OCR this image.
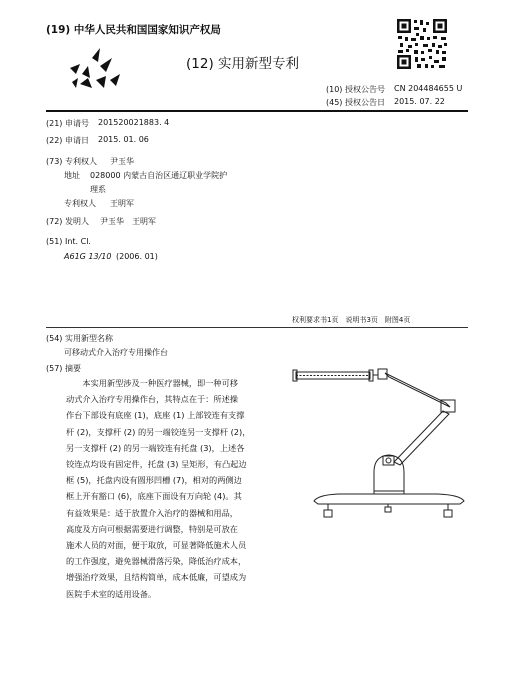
(19) 中华人民共和国国家知识产权局
(12) 实用新型专利
(10) 授权公告号 CN 204484655 U
(45) 授权公告日 2015. 07. 22
(21) 申请号 201520021883. 4
(22) 申请日 2015. 01. 06
(73) 专利权人 尹玉华
地址 028000 内蒙古自治区通辽职业学院护
理系
专利权人 王明军
(72) 发明人 尹玉华　王明军
(51) Int. Cl.
A61G 13/10 (2006. 01)
权利要求书1页　说明书3页　附图4页
(54) 实用新型名称
可移动式介入治疗专用操作台
(57) 摘要
　　本实用新型涉及一种医疗器械，即一种可移
动式介入治疗专用操作台，其特点在于：所述操
作台下部设有底座 (1)，底座 (1) 上部铰连有支撑
杆 (2)，支撑杆 (2) 的另一端铰连另一支撑杆 (2)，
另一支撑杆 (2) 的另一端铰连有托盘 (3)，上述各
铰连点均设有固定件，托盘 (3) 呈矩形，有凸起边
框 (5)，托盘内设有圆形凹槽 (7)，相对的两侧边
框上开有豁口 (6)，底座下面设有万向轮 (4)。其
有益效果是：适于放置介入治疗的器械和用品，
高度及方向可根据需要进行调整，特别是可放在
施术人员的对面，便于取放，可显著降低施术人员
的工作强度，避免器械滑落污染，降低治疗成本，
增强治疗效果，且结构简单，成本低廉，可望成为
医院手术室的适用设备。
